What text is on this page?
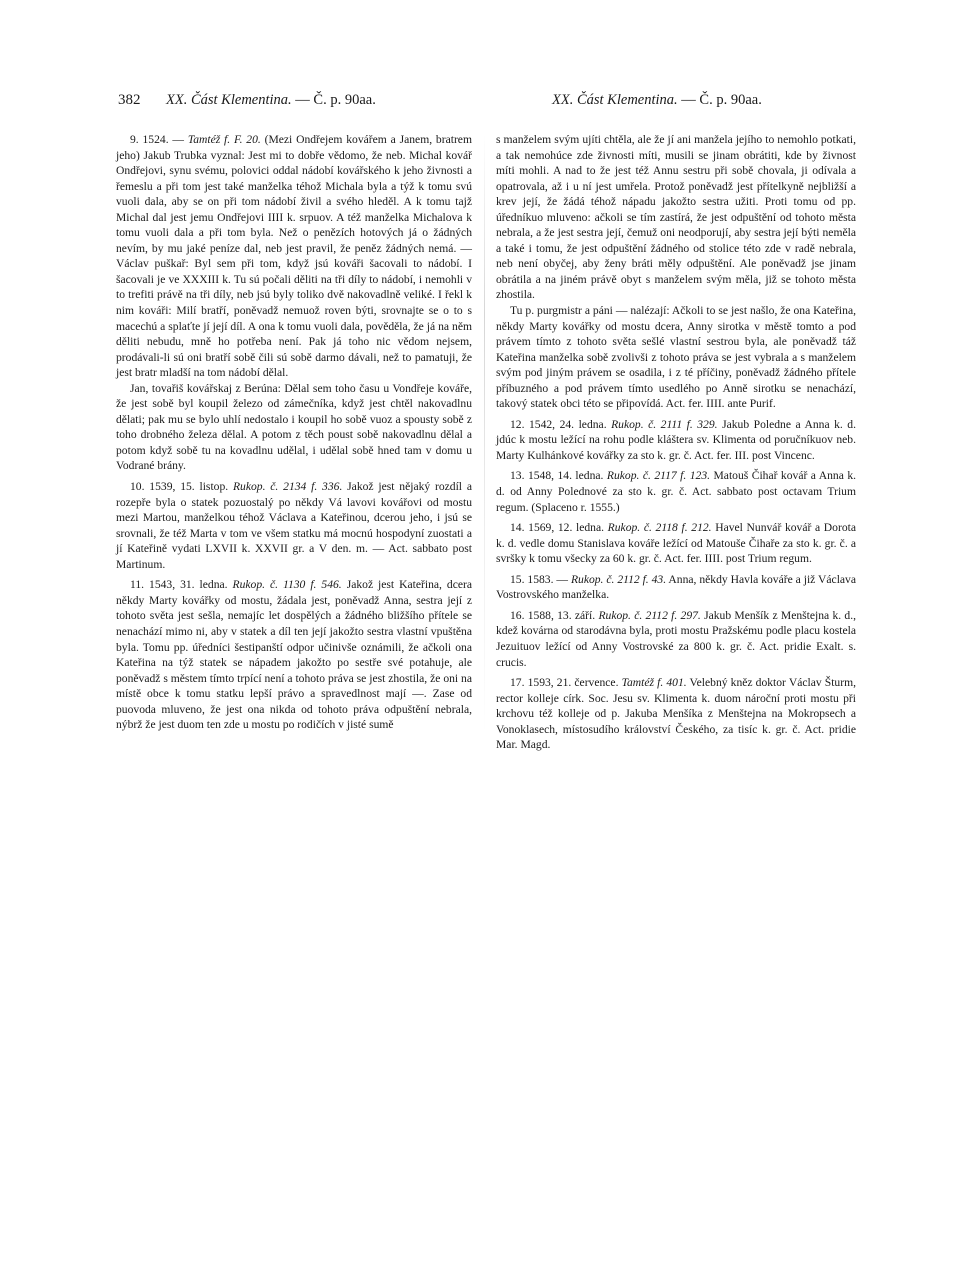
382 XX. Část Klementina. — Č. p. 90aa.	XX. Část Klementina. — Č. p. 90aa.

9. 1524. — Tamtéž f. F. 20. (Mezi Ondřejem kovářem a Janem, bratrem jeho) Jakub Trubka vyznal: Jest mi to dobře vědomo, že neb. Michal kovář Ondřejovi, synu svému, polovici oddal nádobí kovářského k jeho živnosti a řemeslu a při tom jest také manželka téhož Michala byla a týž k tomu svú vuoli dala, aby se on při tom nádobí živil a svého hleděl. A k tomu tajž Michal dal jest jemu Ondřejovi IIII k. srpuov. A též manželka Michalova k tomu vuoli dala a při tom byla. Než o penězích hotových já o žádných nevím, by mu jaké peníze dal, neb jest pravil, že peněz žádných nemá. — Václav puškař: Byl sem při tom, když jsú kováři šacovali to nádobí. I šacovali je ve XXXIII k. Tu sú počali děliti na tři díly to nádobí, i nemohli v to trefiti právě na tři díly, neb jsú byly toliko dvě nakovadlně veliké. I řekl k nim kováři: Milí bratří, poněvadž nemuož roven býti, srovnajte se o to s macechú a splaťte jí její díl. A ona k tomu vuoli dala, pověděla, že já na něm děliti nebudu, mně ho potřeba není. Pak já toho nic vědom nejsem, prodávali-li sú oni bratří sobě čili sú sobě darmo dávali, než to pamatuji, že jest bratr mladší na tom nádobí dělal.

Jan, tovařiš kovářskaj z Berúna: Dělal sem toho času u Vondřeje kováře, že jest sobě byl koupil železo od zámečníka, když jest chtěl nakovadlnu dělati; pak mu se bylo uhlí nedostalo i koupil ho sobě vuoz a spousty sobě z toho drobného železa dělal. A potom z těch poust sobě nakovadlnu dělal a potom když sobě tu na kovadlnu udělal, i udělal sobě hned tam v domu u Vodrané brány.

10. 1539, 15. listop. Rukop. č. 2134 f. 336. Jakož jest nějaký rozdíl a rozepře byla o statek pozuostalý po někdy Vá lavovi kovářovi od mostu mezi Martou, manželkou téhož Václava a Kateřinou, dcerou jeho, i jsú se srovnali, že též Marta v tom ve všem statku má mocnú hospodyní zuostati a jí Kateřině vydati LXVII k. XXVII gr. a V den. m. — Act. sabbato post Martinum.

11. 1543, 31. ledna. Rukop. č. 1130 f. 546. Jakož jest Kateřina, dcera někdy Marty kovářky od mostu, žádala jest, poněvadž Anna, sestra její z tohoto světa jest sešla, nemajíc let dospělých a žádného bližšího přítele se nenachází mimo ni, aby v statek a díl ten její jakožto sestra vlastní vpuštěna byla. Tomu pp. úředníci šestipanští odpor učinivše oznámili, že ačkoli ona Kateřina na týž statek se nápadem jakožto po sestře své potahuje, ale poněvadž s městem tímto trpící není a tohoto práva se jest zhostila, že oni na místě obce k tomu statku lepší právo a spravedlnost mají —. Zase od puovoda mluveno, že jest ona nikda od tohoto práva odpuštění nebrala, nýbrž že jest duom ten zde u mostu po rodičích v jisté sumě

s manželem svým ujíti chtěla, ale že jí ani manžela jejího to nemohlo potkati, a tak nemohúce zde živnosti míti, musili se jinam obrátiti, kde by živnost míti mohli. A nad to že jest též Annu sestru při sobě chovala, ji odívala a opatrovala, až i u ní jest umřela. Protož poněvadž jest přítelkyně nejbližší a krev její, že žádá téhož nápadu jakožto sestra užiti. Proti tomu od pp. úředníkuo mluveno: ačkoli se tím zastírá, že jest odpuštění od tohoto města nebrala, a že jest sestra její, čemuž oni neodporují, aby sestra její býti neměla a také i tomu, že jest odpuštění žádného od stolice této zde v radě nebrala, neb není obyčej, aby ženy bráti měly odpuštění. Ale poněvadž jse jinam obrátila a na jiném právě obyt s manželem svým měla, již se tohoto města zhostila.

Tu p. purgmistr a páni — nalézají: Ačkoli to se jest našlo, že ona Kateřina, někdy Marty kovářky od mostu dcera, Anny sirotka v městě tomto a pod právem tímto z tohoto světa sešlé vlastní sestrou byla, ale poněvadž táž Kateřina manželka sobě zvolivši z tohoto práva se jest vybrala a s manželem svým pod jiným právem se osadila, i z té příčiny, poněvadž žádného přítele příbuzného a pod právem tímto usedlého po Anně sirotku se nenachází, takový statek obci této se připovídá. Act. fer. IIII. ante Purif.

12. 1542, 24. ledna. Rukop. č. 2111 f. 329. Jakub Poledne a Anna k. d. jdúc k mostu ležící na rohu podle kláštera sv. Klimenta od poručníkuov neb. Marty Kulhánkové kovářky za sto k. gr. č. Act. fer. III. post Vincenc.

13. 1548, 14. ledna. Rukop. č. 2117 f. 123. Matouš Čihař kovář a Anna k. d. od Anny Polednové za sto k. gr. č. Act. sabbato post octavam Trium regum. (Splaceno r. 1555.)

14. 1569, 12. ledna. Rukop. č. 2118 f. 212. Havel Nunvář kovář a Dorota k. d. vedle domu Stanislava kováře ležící od Matouše Čihaře za sto k. gr. č. a svršky k tomu všecky za 60 k. gr. č. Act. fer. IIII. post Trium regum.

15. 1583. — Rukop. č. 2112 f. 43. Anna, někdy Havla kováře a již Václava Vostrovského manželka.

16. 1588, 13. září. Rukop. č. 2112 f. 297. Jakub Menšík z Menštejna k. d., kdež kovárna od starodávna byla, proti mostu Pražskému podle placu kostela Jezuituov ležící od Anny Vostrovské za 800 k. gr. č. Act. pridie Exalt. s. crucis.

17. 1593, 21. července. Tamtéž f. 401. Velebný kněz doktor Václav Šturm, rector kolleje círk. Soc. Jesu sv. Klimenta k. duom nároční proti mostu při krchovu též kolleje od p. Jakuba Menšíka z Menštejna na Mokropsech a Vonoklasech, místosudího království Českého, za tisíc k. gr. č. Act. pridie Mar. Magd.
